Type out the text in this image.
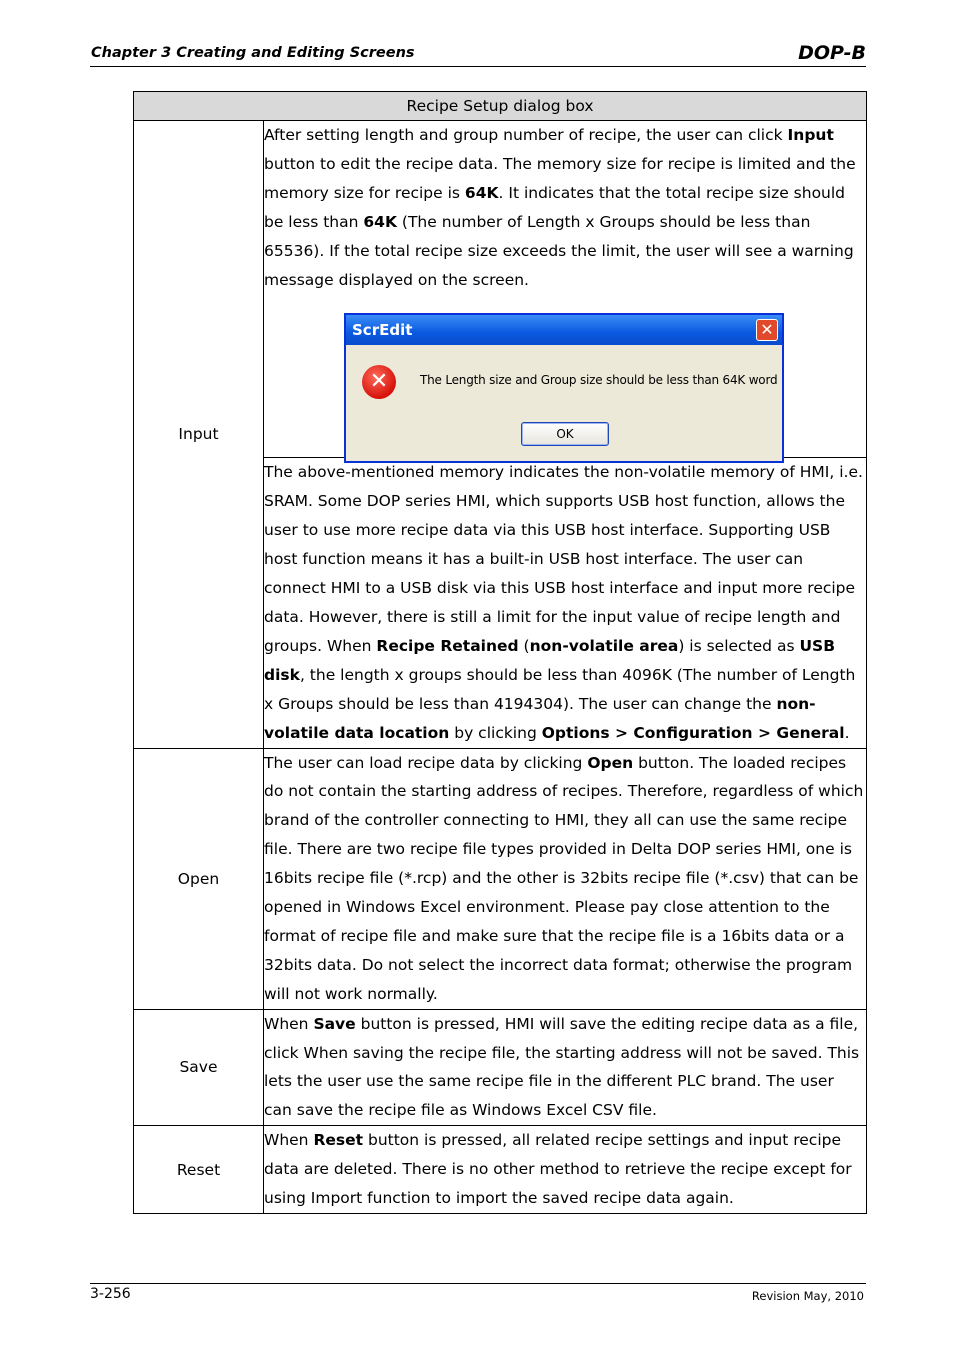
Chapter 3 Creating and Editing Screens	DOP-B
Recipe Setup dialog box	
Input	After setting length and group number of recipe, the user can click Input button to edit the recipe data. The memory size for recipe is limited and the memory size for recipe is 64K. It indicates that the total recipe size should be less than 64K (The number of Length x Groups should be less than 65536). If the total recipe size exceeds the limit, the user will see a warning message displayed on the screen.

	ScrEdit ✕
✕ The Length size and Group size should be less than 64K word
OK

	The above-mentioned memory indicates the non-volatile memory of HMI, i.e. SRAM. Some DOP series HMI, which supports USB host function, allows the user to use more recipe data via this USB host interface. Supporting USB host function means it has a built-in USB host interface. The user can connect HMI to a USB disk via this USB host interface and input more recipe data. However, there is still a limit for the input value of recipe length and groups. When Recipe Retained (non-volatile area) is selected as USB disk, the length x groups should be less than 4096K (The number of Length x Groups should be less than 4194304). The user can change the non-volatile data location by clicking Options > Configuration > General.
Open	The user can load recipe data by clicking Open button. The loaded recipes do not contain the starting address of recipes. Therefore, regardless of which brand of the controller connecting to HMI, they all can use the same recipe file. There are two recipe file types provided in Delta DOP series HMI, one is 16bits recipe file (*.rcp) and the other is 32bits recipe file (*.csv) that can be opened in Windows Excel environment. Please pay close attention to the format of recipe file and make sure that the recipe file is a 16bits data or a 32bits data. Do not select the incorrect data format; otherwise the program will not work normally.
Save	When Save button is pressed, HMI will save the editing recipe data as a file, click When saving the recipe file, the starting address will not be saved. This lets the user use the same recipe file in the different PLC brand. The user can save the recipe file as Windows Excel CSV file.
Reset	When Reset button is pressed, all related recipe settings and input recipe data are deleted. There is no other method to retrieve the recipe except for using Import function to import the saved recipe data again.
3-256	Revision May, 2010
